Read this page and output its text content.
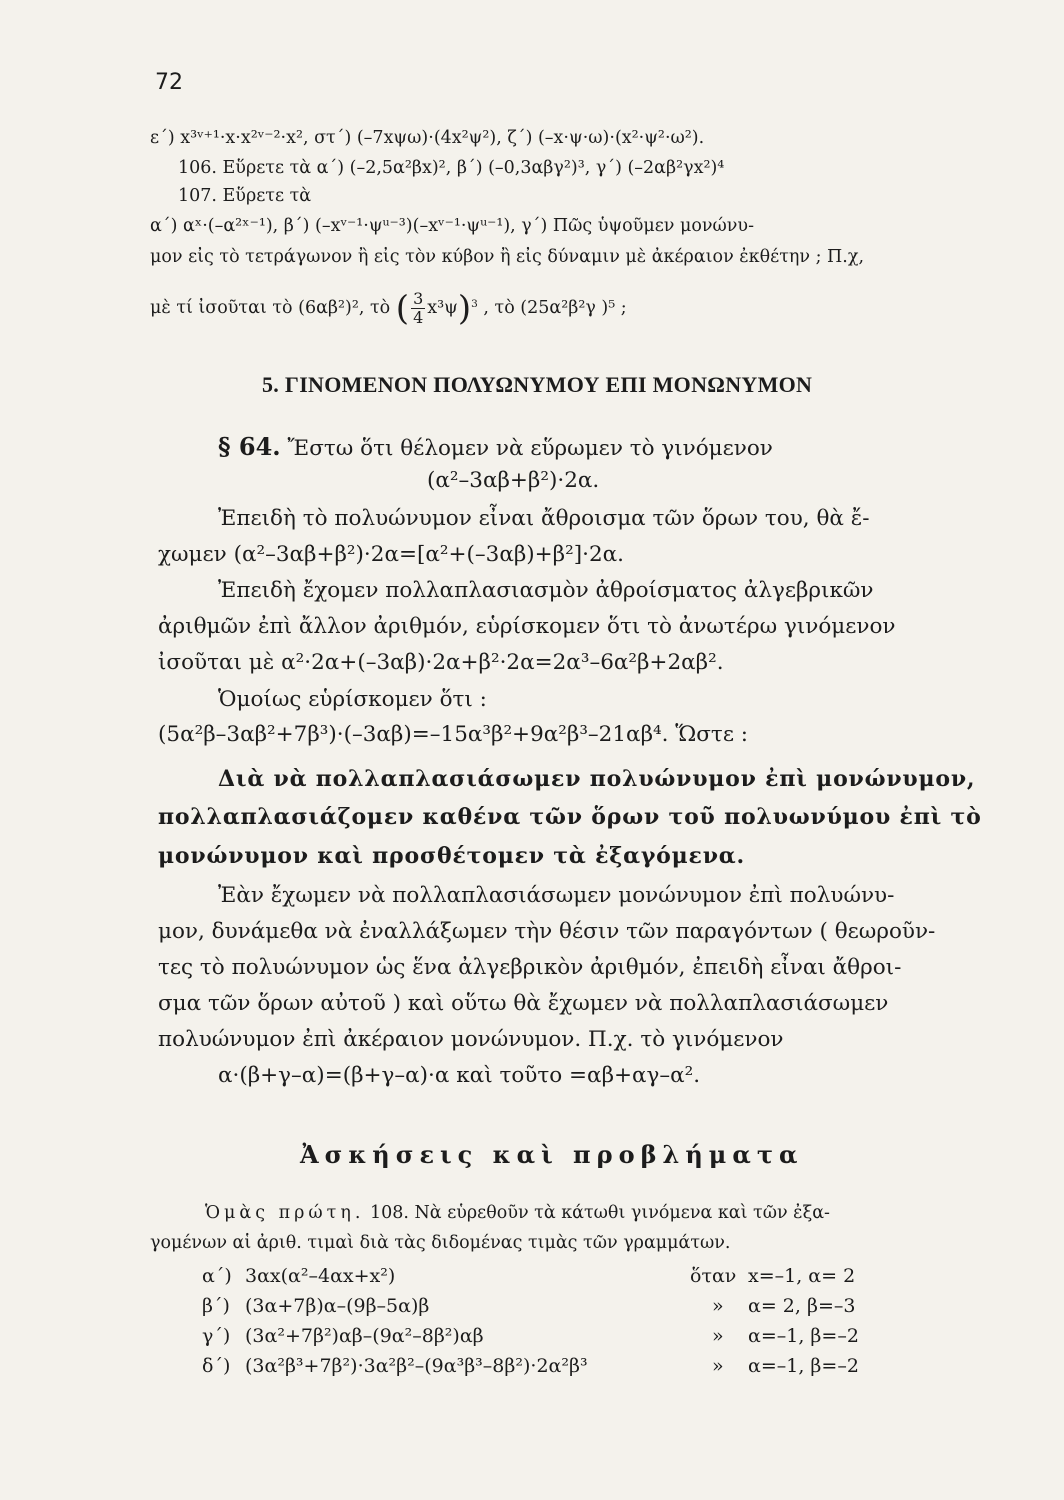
72
ε΄) x³ᵛ⁺¹·x·x²ᵛ⁻²·x², στ΄) (–7xψω)·(4x²ψ²), ζ΄) (–x·ψ·ω)·(x²·ψ²·ω²).
106. Εὕρετε τὰ α΄) (–2,5α²βx)², β΄) (–0,3αβγ²)³, γ΄) (–2αβ²γx²)⁴
107. Εὕρετε τὰ
α΄) αˣ·(–α²ˣ⁻¹), β΄) (–xᵛ⁻¹·ψᵘ⁻³)(–xᵛ⁻¹·ψᵘ⁻¹), γ΄) Πῶς ὑψοῦμεν μονώνυ-
μον εἰς τὸ τετράγωνον ἢ εἰς τὸν κύβον ἢ εἰς δύναμιν μὲ ἀκέραιον ἐκθέτην ; Π.χ,
μὲ τί ἰσοῦται τὸ (6αβ²)², τὸ ( $\frac{3}{4} x^3\psi)^3$ , τὸ (25α²β²γ )⁵ ;
5. ΓΙΝΟΜΕΝΟΝ ΠΟΛΥΩΝΥΜΟΥ ΕΠΙ ΜΟΝΩΝΥΜΟΝ
§ 64. Ἔστω ὅτι θέλομεν νὰ εὕρωμεν τὸ γινόμενον
(α²–3αβ+β²)·2α.
Ἐπειδὴ τὸ πολυώνυμον εἶναι ἄθροισμα τῶν ὅρων του, θὰ ἔ-
χωμεν (α²–3αβ+β²)·2α=[α²+(–3αβ)+β²]·2α.
Ἐπειδὴ ἔχομεν πολλαπλασιασμὸν ἀθροίσματος ἀλγεβρικῶν
ἀριθμῶν ἐπὶ ἄλλον ἀριθμόν, εὑρίσκομεν ὅτι τὸ ἀνωτέρω γινόμενον
ἰσοῦται μὲ α²·2α+(–3αβ)·2α+β²·2α=2α³–6α²β+2αβ².
Ὁμοίως εὑρίσκομεν ὅτι :
(5α²β–3αβ²+7β³)·(–3αβ)=–15α³β²+9α²β³–21αβ⁴. Ὥστε :
Διὰ νὰ πολλαπλασιάσωμεν πολυώνυμον ἐπὶ μονώνυμον,
πολλαπλασιάζομεν καθένα τῶν ὅρων τοῦ πολυωνύμου ἐπὶ τὸ
μονώνυμον καὶ προσθέτομεν τὰ ἐξαγόμενα.
Ἐὰν ἔχωμεν νὰ πολλαπλασιάσωμεν μονώνυμον ἐπὶ πολυώνυ-
μον, δυνάμεθα νὰ ἐναλλάξωμεν τὴν θέσιν τῶν παραγόντων ( θεωροῦν-
τες τὸ πολυώνυμον ὡς ἕνα ἀλγεβρικὸν ἀριθμόν, ἐπειδὴ εἶναι ἄθροι-
σμα τῶν ὅρων αὐτοῦ ) καὶ οὕτω θὰ ἔχωμεν νὰ πολλαπλασιάσωμεν
πολυώνυμον ἐπὶ ἀκέραιον μονώνυμον. Π.χ. τὸ γινόμενον
α·(β+γ–α)=(β+γ–α)·α καὶ τοῦτο =αβ+αγ–α².
Ἀσκήσεις καὶ προβλήματα
Ὁμὰς πρώτη. 108. Νὰ εὑρεθοῦν τὰ κάτωθι γινόμενα καὶ τῶν ἐξα-
γομένων αἱ ἀριθ. τιμαὶ διὰ τὰς διδομένας τιμὰς τῶν γραμμάτων.
α΄) 3αx(α²–4αx+x²)	ὅταν x=–1, α= 2
β΄) (3α+7β)α–(9β–5α)β	» α= 2, β=–3
γ΄) (3α²+7β²)αβ–(9α²–8β²)αβ	» α=–1, β=–2
δ΄) (3α²β³+7β²)·3α²β²–(9α³β³–8β²)·2α²β³	» α=–1, β=–2
